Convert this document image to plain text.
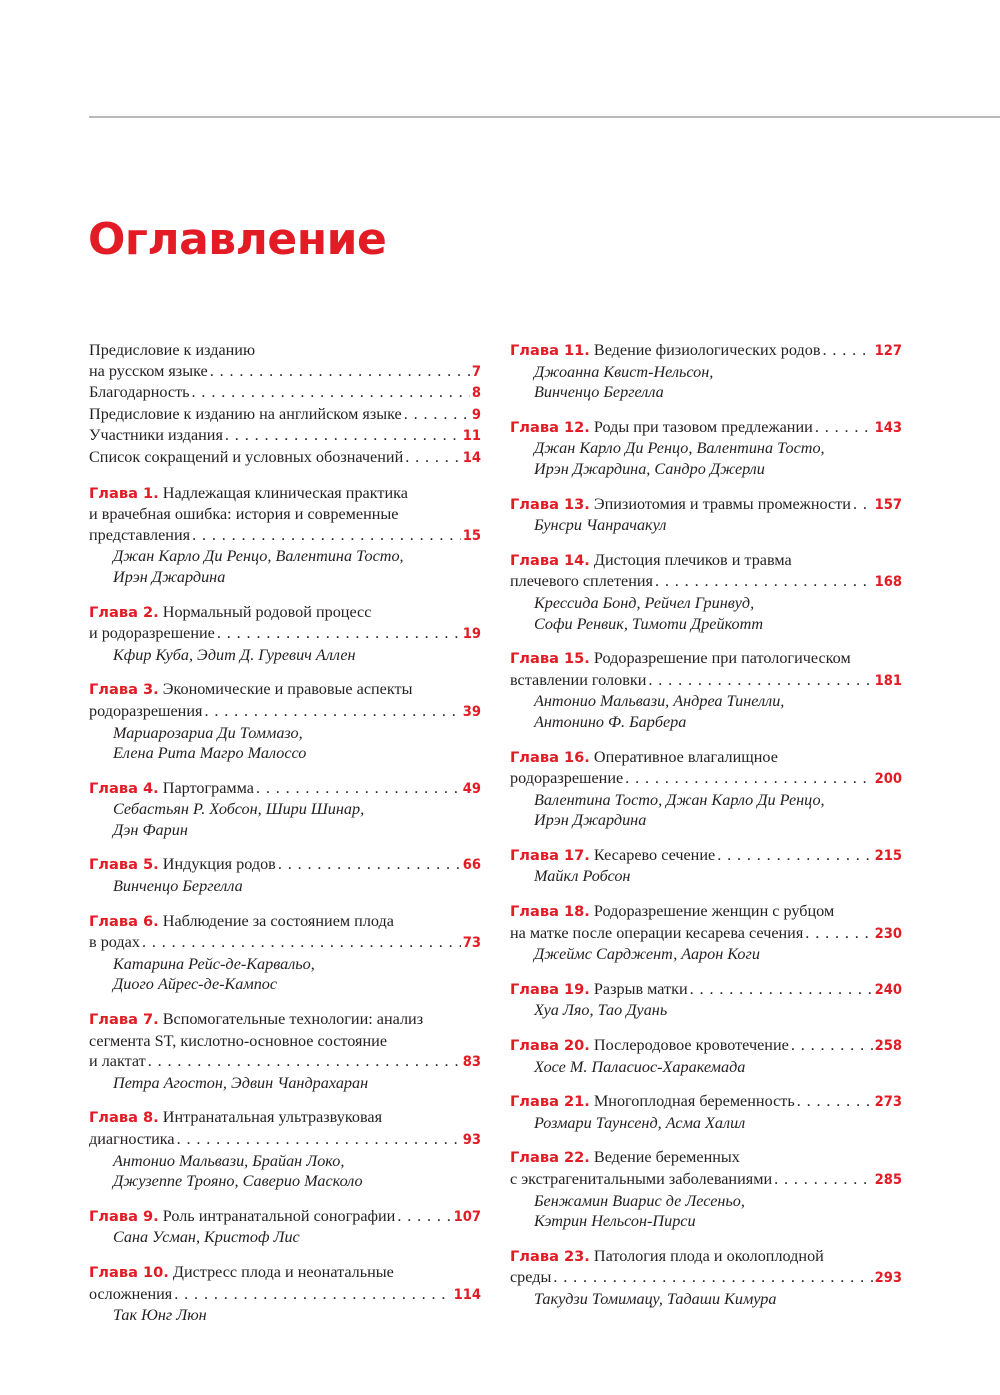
Оглавление
Предисловие к изданию
на русском языке . . .	7
Благодарность . . .	8
Предисловие к изданию на английском языке . . .	9
Участники издания . . .	11
Список сокращений и условных обозначений . . .	14
Глава 1.
Надлежащая клиническая практика
и врачебная ошибка: история и современные
представления . . .	15
Джан Карло Ди Ренцо, Валентина Тосто,
Ирэн Джардина
Глава 2.
Нормальный родовой процесс
и родоразрешение . . .	19
Кфир Куба, Эдит Д. Гуревич Аллен
Глава 3.
Экономические и правовые аспекты
родоразрешения . . .	39
Мариарозариа Ди Томмазо,
Елена Рита Магро Малоссо
Глава 4.
Партограмма . . .	49
Себастьян Р. Хобсон, Шири Шинар,
Дэн Фарин
Глава 5.
Индукция родов . . .	66
Винченцо Бергелла
Глава 6.
Наблюдение за состоянием плода
в родах . . .	73
Катарина Рейс-де-Карвальо,
Диого Айрес-де-Кампос
Глава 7.
Вспомогательные технологии: анализ
сегмента ST, кислотно-основное состояние
и лактат . . .	83
Петра Агостон, Эдвин Чандрахаран
Глава 8.
Интранатальная ультразвуковая
диагностика . . .	93
Антонио Мальвази, Брайан Локо,
Джузеппе Трояно, Саверио Масколо
Глава 9.
Роль интранатальной сонографии . . .	107
Сана Усман, Кристоф Лис
Глава 10.
Дистресс плода и неонатальные
осложнения . . .	114
Так Юнг Люн
Глава 11.
Ведение физиологических родов . . .	127
Джоанна Квист-Нельсон,
Винченцо Бергелла
Глава 12.
Роды при тазовом предлежании . . .	143
Джан Карло Ди Ренцо, Валентина Тосто,
Ирэн Джардина, Сандро Джерли
Глава 13.
Эпизиотомия и травмы промежности . . . 157
Бунсри Чанрачакул
Глава 14.
Дистоция плечиков и травма
плечевого сплетения . . .	168
Крессида Бонд, Рейчел Гринвуд,
Софи Ренвик, Тимоти Дрейкотт
Глава 15.
Родоразрешение при патологическом
вставлении головки . . .	181
Антонио Мальвази, Андреа Тинелли,
Антонино Ф. Барбера
Глава 16.
Оперативное влагалищное
родоразрешение . . .	200
Валентина Тосто, Джан Карло Ди Ренцо,
Ирэн Джардина
Глава 17.
Кесарево сечение . . .	215
Майкл Робсон
Глава 18.
Родоразрешение женщин с рубцом
на матке после операции кесарева сечения . . .	230
Джеймс Сарджент, Аарон Коги
Глава 19.
Разрыв матки . . .	240
Хуа Ляо, Тао Дуань
Глава 20.
Послеродовое кровотечение . . .	258
Хосе М. Паласиос-Харакемада
Глава 21.
Многоплодная беременность . . .	273
Розмари Таунсенд, Асма Халил
Глава 22.
Ведение беременных
с экстрагенитальными заболеваниями . . .	285
Бенжамин Виарис де Лесеньо,
Кэтрин Нельсон-Пирси
Глава 23.
Патология плода и околоплодной
среды . . .	293
Такудзи Томимацу, Тадаши Кимура
